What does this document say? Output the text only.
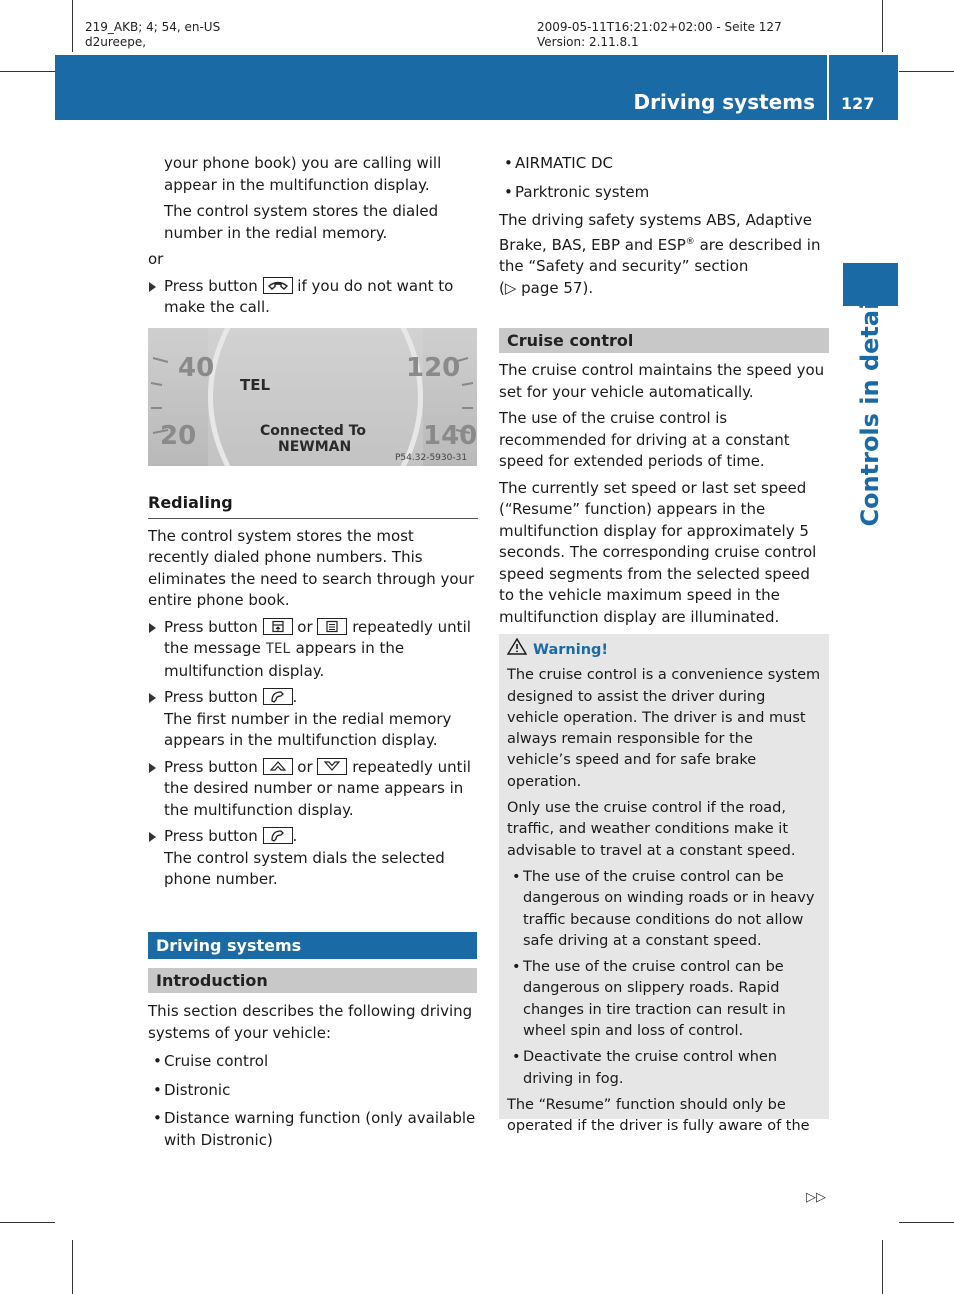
219_AKB; 4; 54, en-US
d2ureepe,
2009-05-11T16:21:02+02:00 - Seite 127
Version: 2.11.8.1
Driving systems 127
Controls in detail

your phone book) you are calling will appear in the multifunction display.

The control system stores the dialed number in the redial memory.

or

Press button	if you do not want to make the call.

40	120
20	140
TEL
Connected To
NEWMAN
P54.32-5930-31
Redialing

The control system stores the most recently dialed phone numbers. This eliminates the need to search through your entire phone book.

Press button	or	repeatedly until the message TEL appears in the multifunction display.

Press button .
The first number in the redial memory appears in the multifunction display.

Press button	or	repeatedly until the desired number or name appears in the multifunction display.

Press button .
The control system dials the selected phone number.

Driving systems
Introduction

This section describes the following driving systems of your vehicle:

• Cruise control

• Distronic

• Distance warning function (only available with Distronic)

• AIRMATIC DC

• Parktronic system

The driving safety systems ABS, Adaptive Brake, BAS, EBP and ESP® are described in the “Safety and security” section
(▷ page 57).

Cruise control

The cruise control maintains the speed you set for your vehicle automatically.

The use of the cruise control is recommended for driving at a constant speed for extended periods of time.

The currently set speed or last set speed (“Resume” function) appears in the multifunction display for approximately 5 seconds. The corresponding cruise control speed segments from the selected speed to the vehicle maximum speed in the multifunction display are illuminated.

Warning!

The cruise control is a convenience system designed to assist the driver during vehicle operation. The driver is and must always remain responsible for the vehicle’s speed and for safe brake operation.

Only use the cruise control if the road, traffic, and weather conditions make it advisable to travel at a constant speed.

• The use of the cruise control can be dangerous on winding roads or in heavy traffic because conditions do not allow safe driving at a constant speed.

• The use of the cruise control can be dangerous on slippery roads. Rapid changes in tire traction can result in wheel spin and loss of control.

• Deactivate the cruise control when driving in fog.

The “Resume” function should only be operated if the driver is fully aware of the

▷▷
